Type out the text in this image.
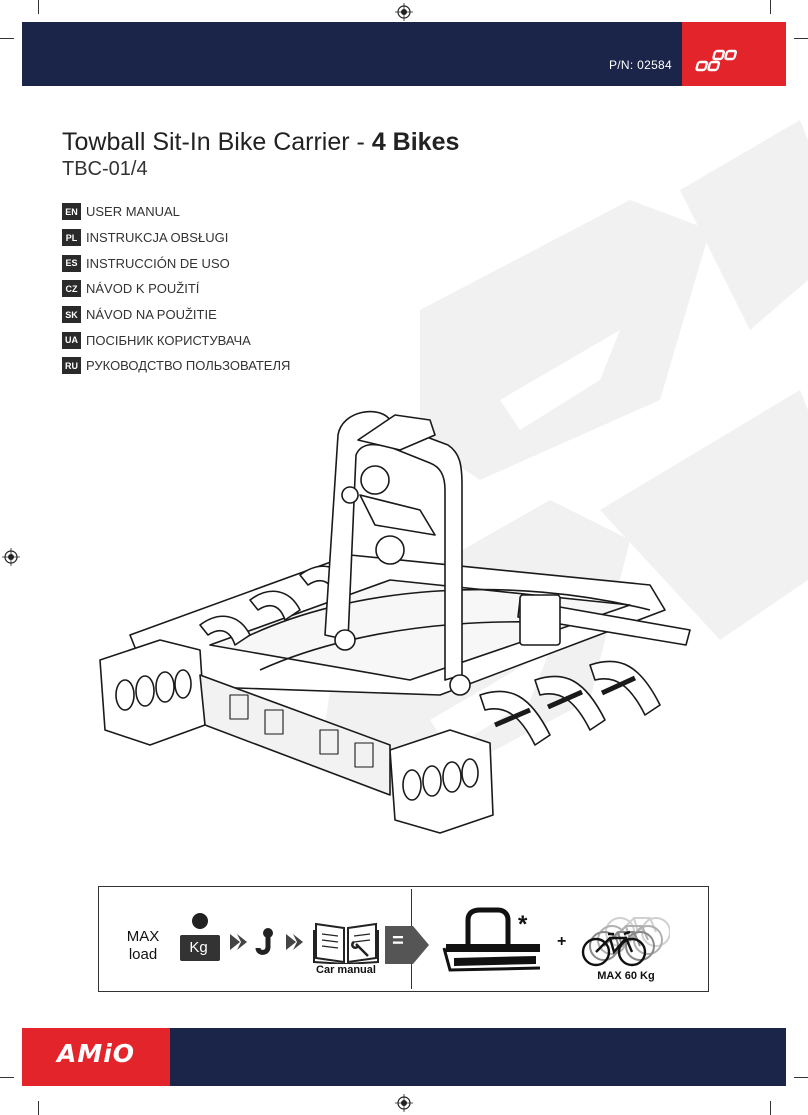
P/N: 02584
Towball Sit-In Bike Carrier - 4 Bikes
TBC-01/4
EN USER MANUAL
PL INSTRUKCJA OBSŁUGI
ES INSTRUCCIÓN DE USO
CZ NÁVOD K POUŽITÍ
SK NÁVOD NA POUŽITIE
UA ПОСІБНИК КОРИСТУВАЧА
RU РУКОВОДСТВО ПОЛЬЗОВАТЕЛЯ
MAX
load	Kg
Car manual
=
*
+
MAX 60 Kg
AMiO
